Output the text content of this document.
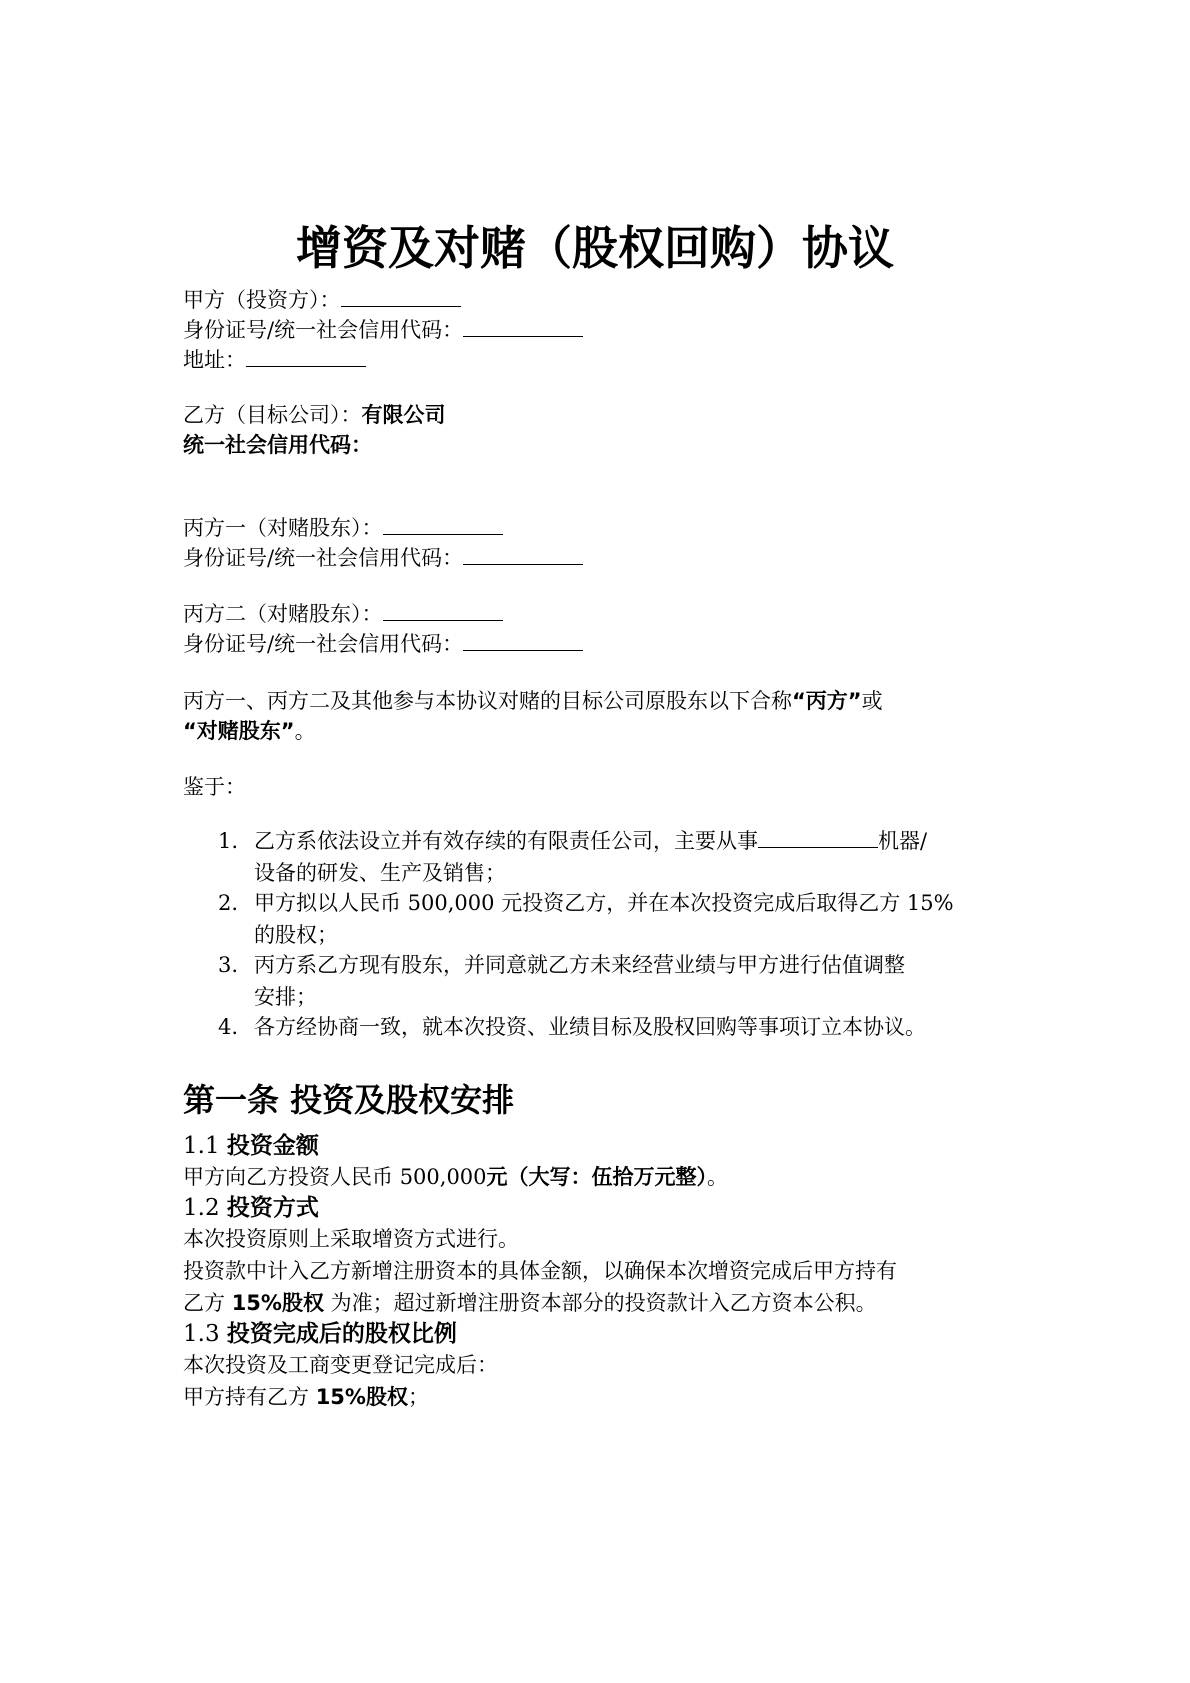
增资及对赌（股权回购）协议
甲方（投资方）：
身份证号/统一社会信用代码：
地址：
乙方（目标公司）：有限公司
统一社会信用代码：
丙方一（对赌股东）：
身份证号/统一社会信用代码：
丙方二（对赌股东）：
身份证号/统一社会信用代码：
丙方一、丙方二及其他参与本协议对赌的目标公司原股东以下合称“丙方”或
“对赌股东”。
鉴于：
1. 乙方系依法设立并有效存续的有限责任公司，主要从事	机器/
设备的研发、生产及销售；
2. 甲方拟以人民币 500,000 元投资乙方，并在本次投资完成后取得乙方 15%
的股权；
3. 丙方系乙方现有股东，并同意就乙方未来经营业绩与甲方进行估值调整
安排；
4. 各方经协商一致，就本次投资、业绩目标及股权回购等事项订立本协议。
第一条 投资及股权安排
1.1 投资金额
甲方向乙方投资人民币 500,000元（大写：伍拾万元整）。
1.2 投资方式
本次投资原则上采取增资方式进行。
投资款中计入乙方新增注册资本的具体金额，以确保本次增资完成后甲方持有
乙方 15%股权 为准；超过新增注册资本部分的投资款计入乙方资本公积。
1.3 投资完成后的股权比例
本次投资及工商变更登记完成后：
甲方持有乙方 15%股权；
